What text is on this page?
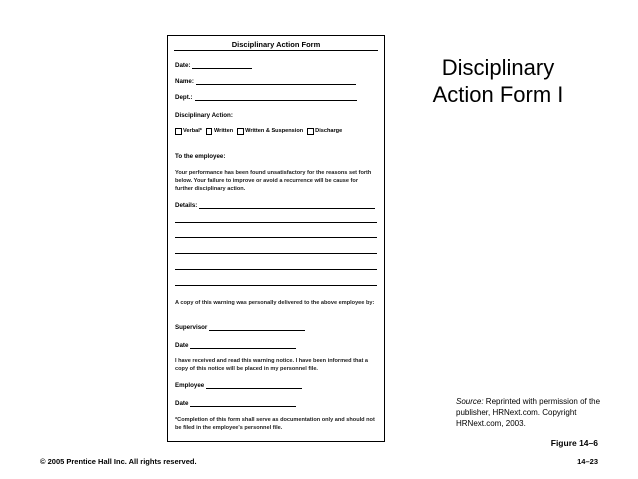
Disciplinary Action Form
Date:
Name:
Dept.:
Disciplinary Action:
Verbal* Written Written & Suspension Discharge
To the employee:
Your performance has been found unsatisfactory for the reasons set forth below. Your failure to improve or avoid a recurrence will be cause for further disciplinary action.
Details:
A copy of this warning was personally delivered to the above employee by:
Supervisor
Date
I have received and read this warning notice. I have been informed that a copy of this notice will be placed in my personnel file.
Employee
Date
*Completion of this form shall serve as documentation only and should not be filed in the employee's personnel file.
Disciplinary
Action Form I
Source: Reprinted with permission of the publisher, HRNext.com. Copyright HRNext.com, 2003.
Figure 14–6
© 2005 Prentice Hall Inc. All rights reserved.	14–23
